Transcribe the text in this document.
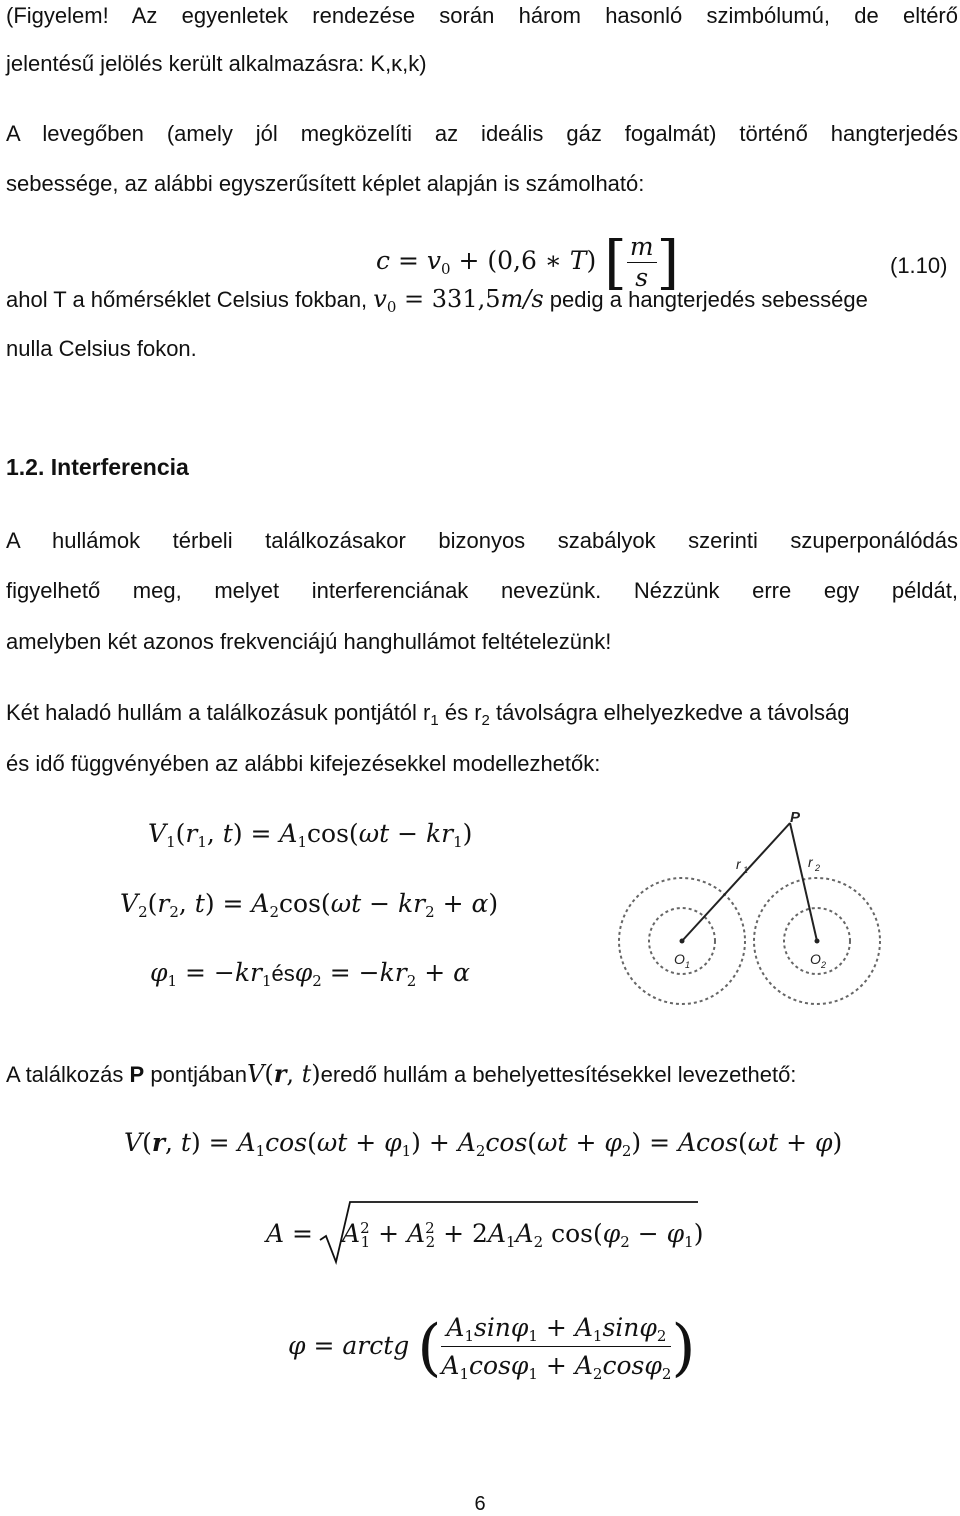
(Figyelem! Az egyenletek rendezése során három hasonló szimbólumú, de eltérő
jelentésű jelölés került alkalmazásra: K,κ,k)
A levegőben (amely jól megközelíti az ideális gáz fogalmát) történő hangterjedés
sebessége, az alábbi egyszerűsített képlet alapján is számolható:
$c = v_0 + (0,6$ ∗ T) [ $\frac{m}{s}$ ]	(1.10)
ahol T a hőmérséklet Celsius fokban, $v_0 = 331,5m/s$ pedig a hangterjedés sebessége
nulla Celsius fokon.
1.2. Interferencia
A hullámok térbeli találkozásakor bizonyos szabályok szerinti szuperponálódás
figyelhető meg, melyet interferenciának nevezünk. Nézzünk erre egy példát,
amelyben két azonos frekvenciájú hanghullámot feltételezünk!
Két haladó hullám a találkozásuk pontjától $r_1$ és $r_2$ távolságra elhelyezkedve a távolság
és idő függvényében az alábbi kifejezésekkel modellezhetők:
$V_1(r_1$, $t) = A_1\cos(\omega t - kr_1)$
$V_2(r_2$, $t) = A_2\cos(\omega t - kr_2 + \alpha)$
$\varphi_1$ = $-kr_1és\varphi_2 = -kr_2 + \alpha$
P
r 1	r 2
O 1	O 2
A találkozás P pontjábanV(r, t)eredő hullám a behelyettesítésekkel levezethető:
V(r, $t) = A_1\cos(\omega t + \varphi_1) + A_2\cos(\omega t + \varphi_2) = Acos(\omega t + \varphi)$
$A = A^2_1 + A^2_2 + 2A_1A_2$ $\cos(\varphi_2 - \varphi_1)$
φ = arctg ( $\frac{A_1\sin\varphi_1 + A_1\sin\varphi_2}{A_1\cos\varphi_1 + A_2\cos\varphi_2}$ )
6
